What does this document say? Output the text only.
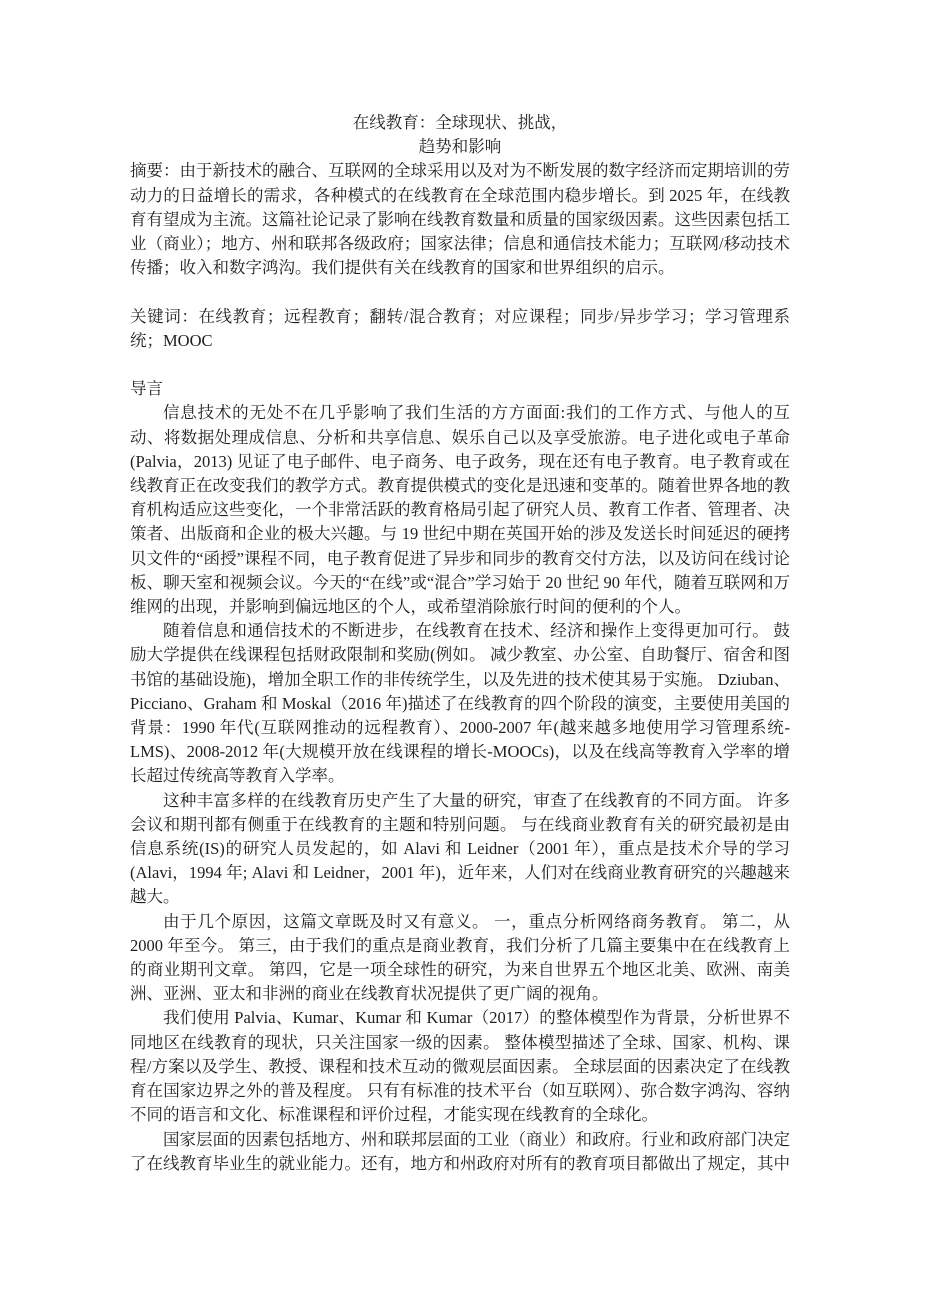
在线教育：全球现状、挑战，

趋势和影响

摘要：由于新技术的融合、互联网的全球采用以及对为不断发展的数字经济而定期培训的劳动力的日益增长的需求，各种模式的在线教育在全球范围内稳步增长。到 2025 年，在线教育有望成为主流。这篇社论记录了影响在线教育数量和质量的国家级因素。这些因素包括工业（商业）；地方、州和联邦各级政府；国家法律；信息和通信技术能力；互联网/移动技术传播；收入和数字鸿沟。我们提供有关在线教育的国家和世界组织的启示。

关键词：在线教育；远程教育；翻转/混合教育；对应课程；同步/异步学习；学习管理系统；MOOC

导言

信息技术的无处不在几乎影响了我们生活的方方面面:我们的工作方式、与他人的互动、将数据处理成信息、分析和共享信息、娱乐自己以及享受旅游。电子进化或电子革命(Palvia，2013) 见证了电子邮件、电子商务、电子政务，现在还有电子教育。电子教育或在线教育正在改变我们的教学方式。教育提供模式的变化是迅速和变革的。随着世界各地的教育机构适应这些变化，一个非常活跃的教育格局引起了研究人员、教育工作者、管理者、决策者、出版商和企业的极大兴趣。与 19 世纪中期在英国开始的涉及发送长时间延迟的硬拷贝文件的“函授”课程不同，电子教育促进了异步和同步的教育交付方法，以及访问在线讨论板、聊天室和视频会议。今天的“在线”或“混合”学习始于 20 世纪 90 年代，随着互联网和万维网的出现，并影响到偏远地区的个人，或希望消除旅行时间的便利的个人。

随着信息和通信技术的不断进步，在线教育在技术、经济和操作上变得更加可行。 鼓励大学提供在线课程包括财政限制和奖励(例如。 减少教室、办公室、自助餐厅、宿舍和图书馆的基础设施)，增加全职工作的非传统学生，以及先进的技术使其易于实施。 Dziuban、Picciano、Graham 和 Moskal（2016 年)描述了在线教育的四个阶段的演变，主要使用美国的背景：1990 年代(互联网推动的远程教育）、2000-2007 年(越来越多地使用学习管理系统-LMS)、2008-2012 年(大规模开放在线课程的增长-MOOCs)，以及在线高等教育入学率的增长超过传统高等教育入学率。

这种丰富多样的在线教育历史产生了大量的研究，审查了在线教育的不同方面。 许多会议和期刊都有侧重于在线教育的主题和特别问题。 与在线商业教育有关的研究最初是由信息系统(IS)的研究人员发起的，如 Alavi 和 Leidner（2001 年），重点是技术介导的学习(Alavi，1994 年; Alavi 和 Leidner，2001 年)，近年来，人们对在线商业教育研究的兴趣越来越大。

由于几个原因，这篇文章既及时又有意义。 一，重点分析网络商务教育。 第二，从 2000 年至今。 第三，由于我们的重点是商业教育，我们分析了几篇主要集中在在线教育上的商业期刊文章。 第四，它是一项全球性的研究，为来自世界五个地区北美、欧洲、南美洲、亚洲、亚太和非洲的商业在线教育状况提供了更广阔的视角。

我们使用 Palvia、Kumar、Kumar 和 Kumar（2017）的整体模型作为背景，分析世界不同地区在线教育的现状，只关注国家一级的因素。 整体模型描述了全球、国家、机构、课程/方案以及学生、教授、课程和技术互动的微观层面因素。 全球层面的因素决定了在线教育在国家边界之外的普及程度。 只有有标准的技术平台（如互联网）、弥合数字鸿沟、容纳不同的语言和文化、标准课程和评价过程，才能实现在线教育的全球化。

国家层面的因素包括地方、州和联邦层面的工业（商业）和政府。行业和政府部门决定了在线教育毕业生的就业能力。还有，地方和州政府对所有的教育项目都做出了规定，其中
